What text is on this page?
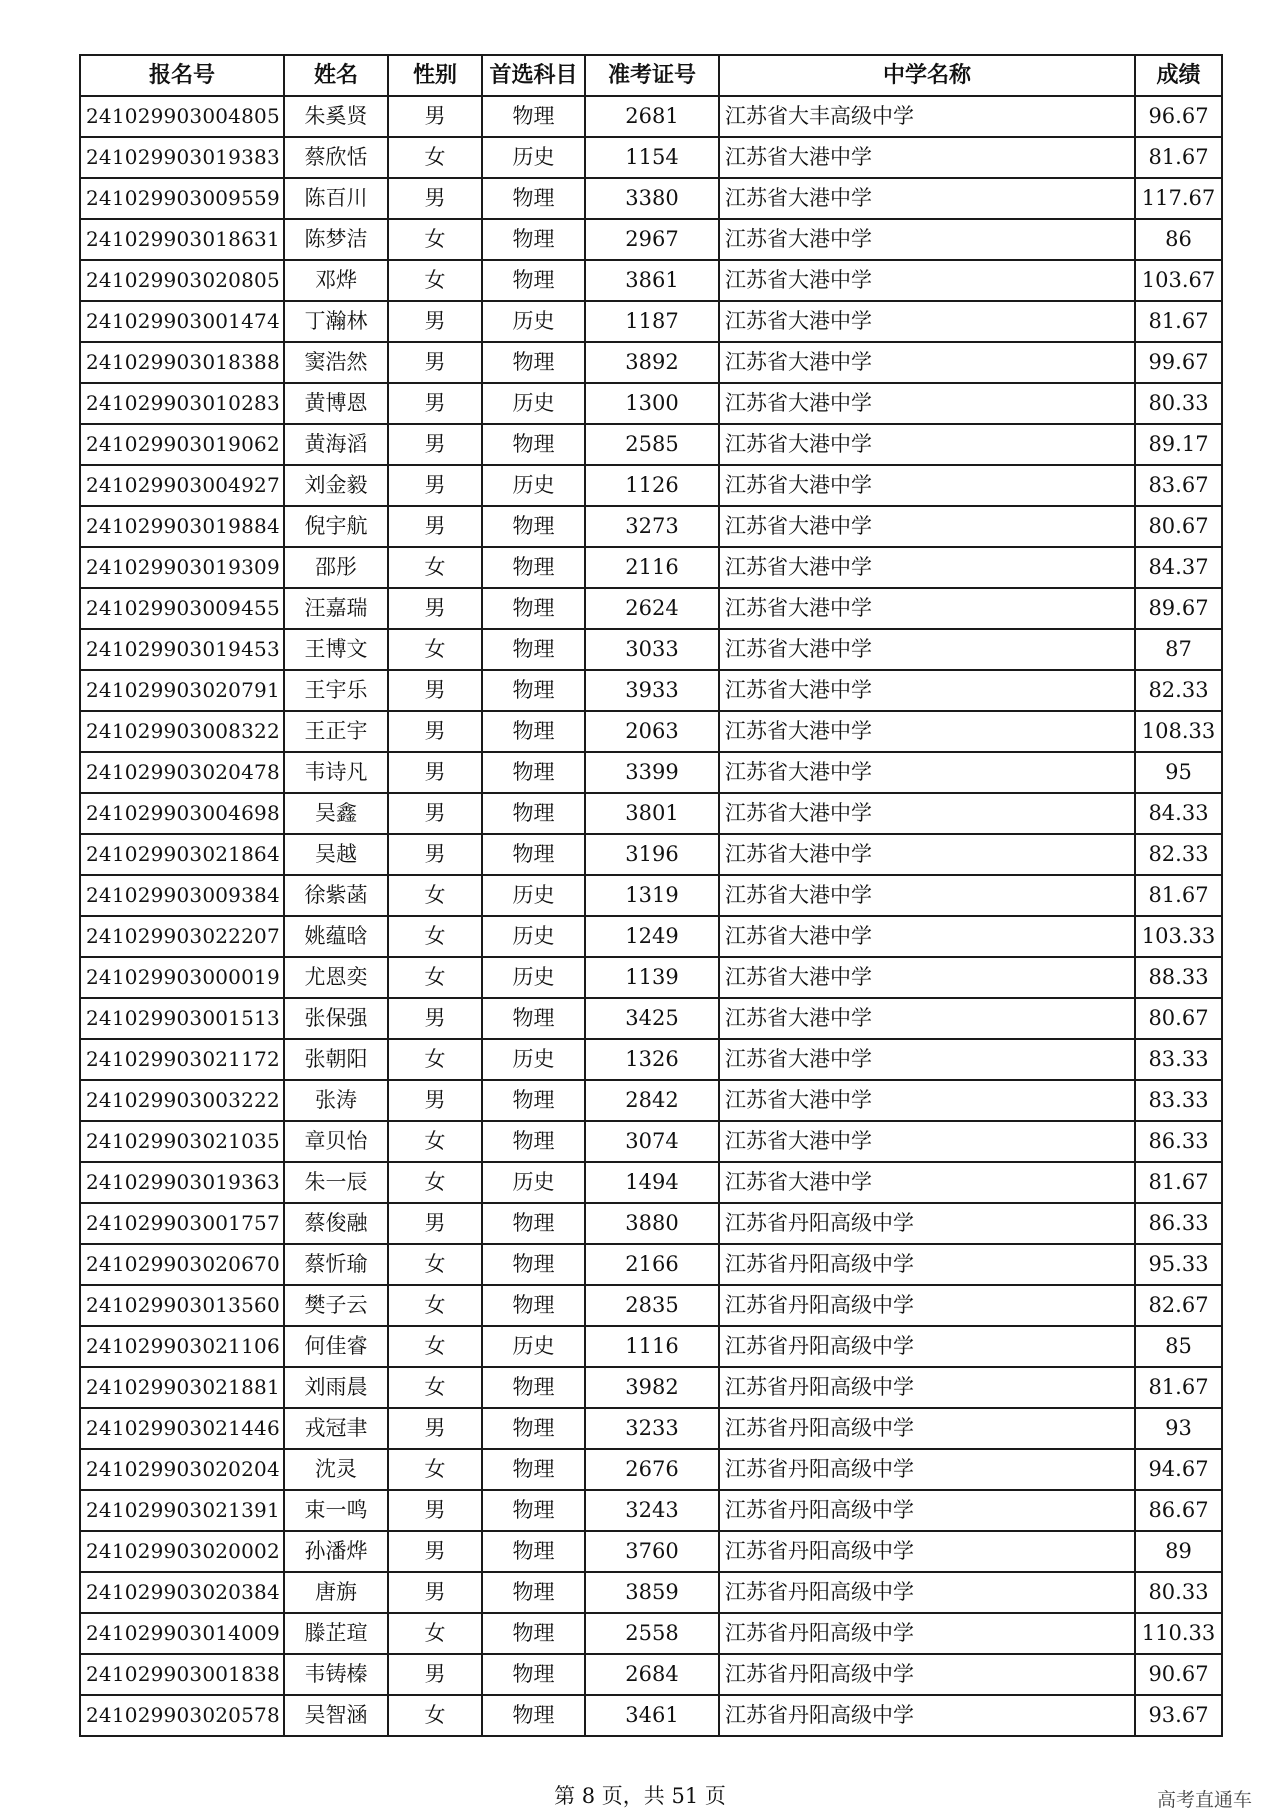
报名号	姓名	性别	首选科目	准考证号	中学名称	成绩
241029903004805	朱奚贤	男	物理	2681	江苏省大丰高级中学	96.67
241029903019383	蔡欣恬	女	历史	1154	江苏省大港中学	81.67
241029903009559	陈百川	男	物理	3380	江苏省大港中学	117.67
241029903018631	陈梦洁	女	物理	2967	江苏省大港中学	86
241029903020805	邓烨	女	物理	3861	江苏省大港中学	103.67
241029903001474	丁瀚林	男	历史	1187	江苏省大港中学	81.67
241029903018388	窦浩然	男	物理	3892	江苏省大港中学	99.67
241029903010283	黄博恩	男	历史	1300	江苏省大港中学	80.33
241029903019062	黄海滔	男	物理	2585	江苏省大港中学	89.17
241029903004927	刘金毅	男	历史	1126	江苏省大港中学	83.67
241029903019884	倪宇航	男	物理	3273	江苏省大港中学	80.67
241029903019309	邵彤	女	物理	2116	江苏省大港中学	84.37
241029903009455	汪嘉瑞	男	物理	2624	江苏省大港中学	89.67
241029903019453	王博文	女	物理	3033	江苏省大港中学	87
241029903020791	王宇乐	男	物理	3933	江苏省大港中学	82.33
241029903008322	王正宇	男	物理	2063	江苏省大港中学	108.33
241029903020478	韦诗凡	男	物理	3399	江苏省大港中学	95
241029903004698	吴鑫	男	物理	3801	江苏省大港中学	84.33
241029903021864	吴越	男	物理	3196	江苏省大港中学	82.33
241029903009384	徐紫菡	女	历史	1319	江苏省大港中学	81.67
241029903022207	姚蕴晗	女	历史	1249	江苏省大港中学	103.33
241029903000019	尤恩奕	女	历史	1139	江苏省大港中学	88.33
241029903001513	张保强	男	物理	3425	江苏省大港中学	80.67
241029903021172	张朝阳	女	历史	1326	江苏省大港中学	83.33
241029903003222	张涛	男	物理	2842	江苏省大港中学	83.33
241029903021035	章贝怡	女	物理	3074	江苏省大港中学	86.33
241029903019363	朱一辰	女	历史	1494	江苏省大港中学	81.67
241029903001757	蔡俊融	男	物理	3880	江苏省丹阳高级中学	86.33
241029903020670	蔡忻瑜	女	物理	2166	江苏省丹阳高级中学	95.33
241029903013560	樊子云	女	物理	2835	江苏省丹阳高级中学	82.67
241029903021106	何佳睿	女	历史	1116	江苏省丹阳高级中学	85
241029903021881	刘雨晨	女	物理	3982	江苏省丹阳高级中学	81.67
241029903021446	戎冠聿	男	物理	3233	江苏省丹阳高级中学	93
241029903020204	沈灵	女	物理	2676	江苏省丹阳高级中学	94.67
241029903021391	束一鸣	男	物理	3243	江苏省丹阳高级中学	86.67
241029903020002	孙潘烨	男	物理	3760	江苏省丹阳高级中学	89
241029903020384	唐旃	男	物理	3859	江苏省丹阳高级中学	80.33
241029903014009	滕芷瑄	女	物理	2558	江苏省丹阳高级中学	110.33
241029903001838	韦铸榛	男	物理	2684	江苏省丹阳高级中学	90.67
241029903020578	吴智涵	女	物理	3461	江苏省丹阳高级中学	93.67
第 8 页，共 51 页	高考直通车
